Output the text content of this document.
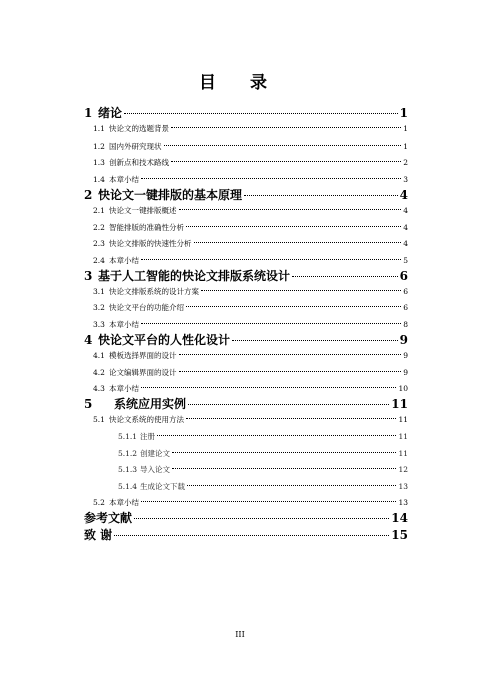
目 录
1 绪论	1
1.1 快论文的选题背景	1
1.2 国内外研究现状	1
1.3 创新点和技术路线	2
1.4 本章小结	3
2 快论文一键排版的基本原理	4
2.1 快论文一键排版概述	4
2.2 智能排版的准确性分析	4
2.3 快论文排版的快速性分析	4
2.4 本章小结	5
3 基于人工智能的快论文排版系统设计	6
3.1 快论文排版系统的设计方案	6
3.2 快论文平台的功能介绍	6
3.3 本章小结	8
4 快论文平台的人性化设计	9
4.1 模板选择界面的设计	9
4.2 论文编辑界面的设计	9
4.3 本章小结	10
5	系统应用实例	11
5.1 快论文系统的使用方法	11
5.1.1 注册	11
5.1.2 创建论文	11
5.1.3 导入论文	12
5.1.4 生成论文下载	13
5.2 本章小结	13
参考文献	14
致 谢	15
III
